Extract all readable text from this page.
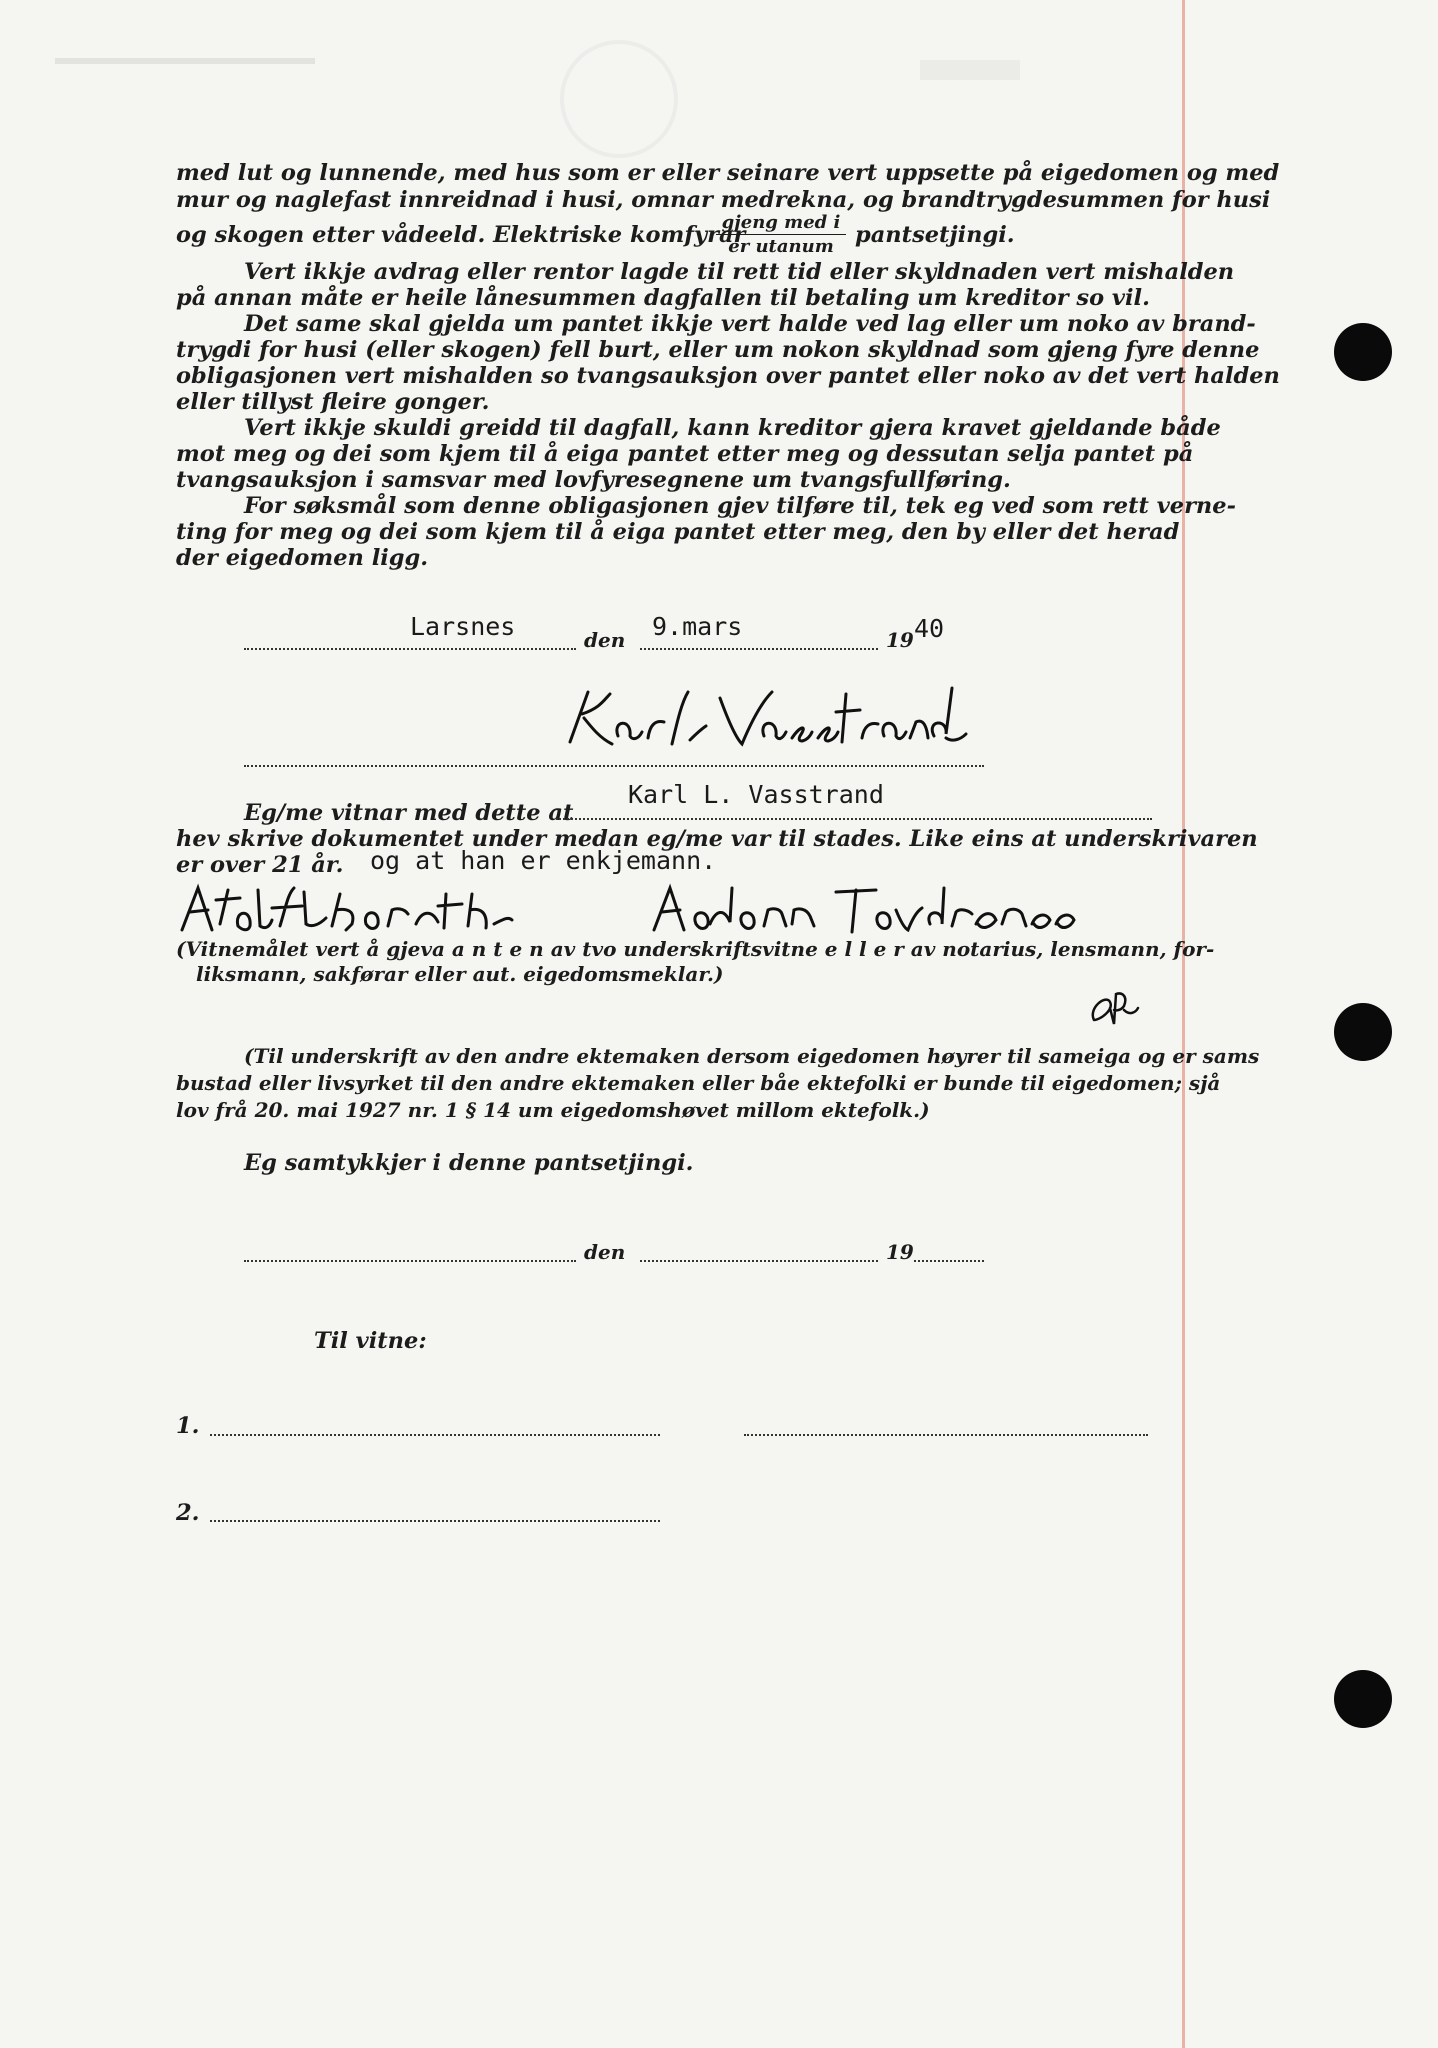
med lut og lunnende, med hus som er eller seinare vert uppsette på eigedomen og med
mur og naglefast innreidnad i husi, omnar medrekna, og brandtrygdesummen for husi
og skogen etter vådeeld. Elektriske komfyrar
gjeng med i
er utanum pantsetjingi.
Vert ikkje avdrag eller rentor lagde til rett tid eller skyldnaden vert mishalden
på annan måte er heile lånesummen dagfallen til betaling um kreditor so vil.
Det same skal gjelda um pantet ikkje vert halde ved lag eller um noko av brand-
trygdi for husi (eller skogen) fell burt, eller um nokon skyldnad som gjeng fyre denne
obligasjonen vert mishalden so tvangsauksjon over pantet eller noko av det vert halden
eller tillyst fleire gonger.
Vert ikkje skuldi greidd til dagfall, kann kreditor gjera kravet gjeldande både
mot meg og dei som kjem til å eiga pantet etter meg og dessutan selja pantet på
tvangsauksjon i samsvar med lovfyresegnene um tvangsfullføring.
For søksmål som denne obligasjonen gjev tilføre til, tek eg ved som rett verne-
ting for meg og dei som kjem til å eiga pantet etter meg, den by eller det herad
der eigedomen ligg.
Larsnes	den 9.mars	19 40
Eg/me vitnar med dette at
Karl L. Vasstrand
hev skrive dokumentet under medan eg/me var til stades. Like eins at underskrivaren
er over 21 år. og at han er enkjemann.
(Vitnemålet vert å gjeva a n t e n av tvo underskriftsvitne e l l e r av notarius, lensmann, for-
liksmann, sakførar eller aut. eigedomsmeklar.)
(Til underskrift av den andre ektemaken dersom eigedomen høyrer til sameiga og er sams
bustad eller livsyrket til den andre ektemaken eller båe ektefolki er bunde til eigedomen; sjå
lov frå 20. mai 1927 nr. 1 § 14 um eigedomshøvet millom ektefolk.)
Eg samtykkjer i denne pantsetjingi.
den	19
Til vitne:
1.
2.
